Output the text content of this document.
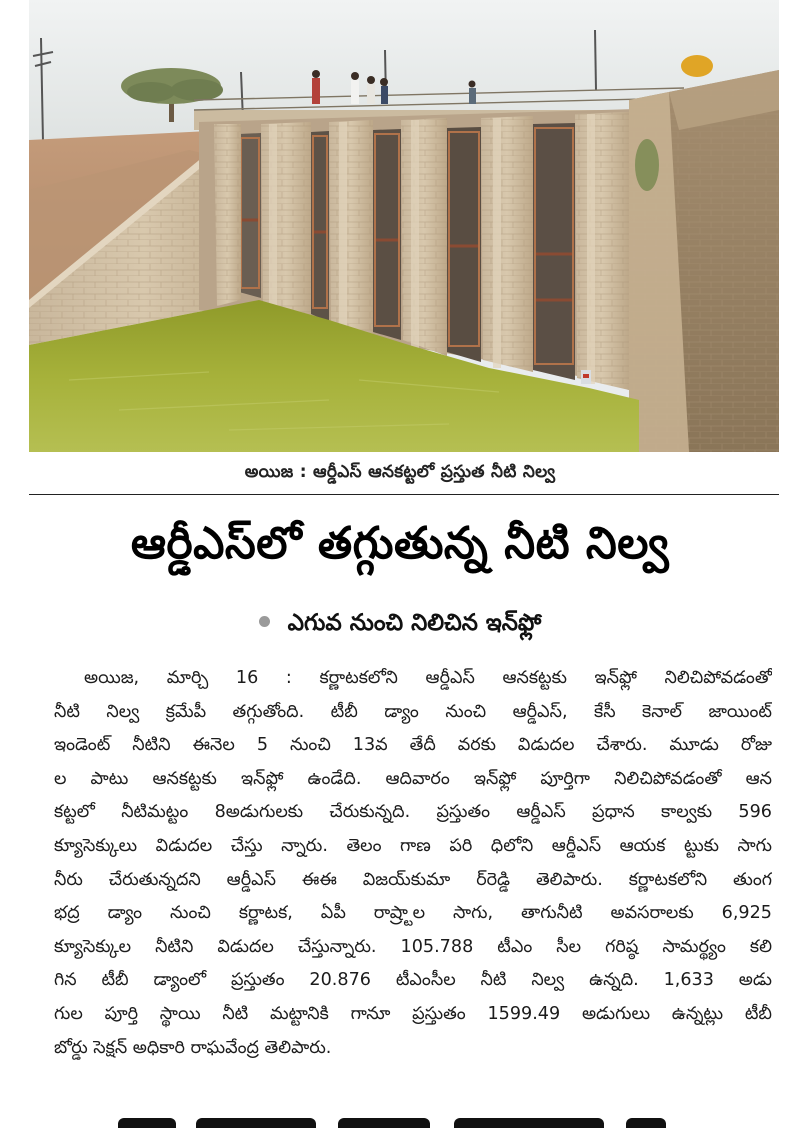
అయిజ : ఆర్డీఎస్‌ ఆనకట్టలో ప్రస్తుత నీటి నిల్వ
ఆర్డీఎస్‌లో తగ్గుతున్న నీటి నిల్వ
ఎగువ నుంచి నిలిచిన ఇన్‌ఫ్లో
అయిజ, మార్చి 16 : కర్ణాటకలోని ఆర్డీఎస్‌ ఆనకట్టకు ఇన్‌ఫ్లో నిలిచిపోవడంతో
నీటి నిల్వ క్రమేపీ తగ్గుతోంది. టీబీ డ్యాం నుంచి ఆర్డీఎస్‌, కేసీ కెనాల్‌ జాయింట్‌
ఇండెంట్‌ నీటిని ఈనెల 5 నుంచి 13వ తేదీ వరకు విడుదల చేశారు. మూడు రోజు
ల పాటు ఆనకట్టకు ఇన్‌ఫ్లో ఉండేది. ఆదివారం ఇన్‌ఫ్లో పూర్తిగా నిలిచిపోవడంతో ఆన
కట్టలో నీటిమట్టం 8అడుగులకు చేరుకున్నది. ప్రస్తుతం ఆర్డీఎస్‌ ప్రధాన కాల్వకు 596
క్యూసెక్కులు విడుదల చేస్తు న్నారు. తెలం గాణ పరి ధిలోని ఆర్డీఎస్‌ ఆయక ట్టుకు సాగు
నీరు చేరుతున్నదని ఆర్డీఎస్‌ ఈఈ విజయ్‌కుమా ర్‌రెడ్డి తెలిపారు. కర్ణాటకలోని తుంగ
భద్ర డ్యాం నుంచి కర్ణాటక, ఏపీ రాష్ర్టాల సాగు, తాగునీటి అవసరాలకు 6,925
క్యూసెక్కుల నీటిని విడుదల చేస్తున్నారు. 105.788 టీఎం సీల గరిష్ఠ సామర్థ్యం కలి
గిన టీబీ డ్యాంలో ప్రస్తుతం 20.876 టీఎంసీల నీటి నిల్వ ఉన్నది. 1,633 అడు
గుల పూర్తి స్థాయి నీటి మట్టానికి గానూ ప్రస్తుతం 1599.49 అడుగులు ఉన్నట్లు టీబీ
బోర్డు సెక్షన్‌ అధికారి రాఘవేంద్ర తెలిపారు.
